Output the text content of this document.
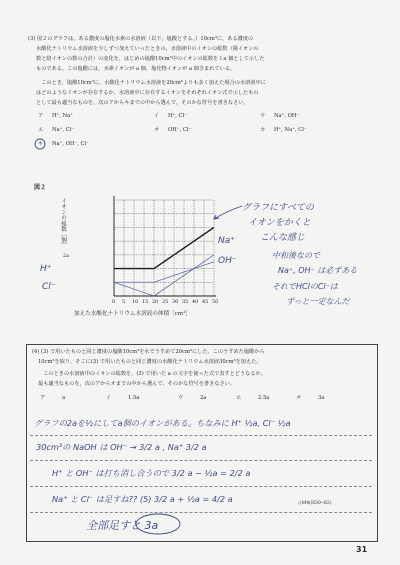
(3) 図２のグラフは，ある濃度の塩化水素の水溶液（以下，塩酸とする。）10cm³に，ある濃度の
水酸化ナトリウム水溶液を少しずつ加えていったときの，水溶液中のイオンの総数（陽イオンの
数と陰イオンの数の合計）の変化を，はじめの塩酸10cm³中のイオンの総数を１a 個として示した
ものである。この塩酸には，水素イオンが a 個，塩化物イオンが a 個含まれている。
　このとき，塩酸10cm³に，水酸化ナトリウム水溶液を20cm³よりも多く加えた場合の水溶液中に
はどのようなイオンが存在するか。水溶液中に存在するイオンをそれぞれイオン式で示したもの
として最も適当なものを，次のアからキまでの中から選んで，そのかな符号を書きなさい。
ア H⁺, Na⁺	イ H⁺, Cl⁻	ウ Na⁺, OH⁻
エ Na⁺, Cl⁻	オ OH⁻, Cl⁻	カ H⁺, Na⁺, Cl⁻
キ Na⁺, OH⁻, Cl⁻
図２
イオンの総数［個］
2a
0 5 10 15 20 25 30 35 40 45 50
加えた水酸化ナトリウム水溶液の体積［cm³］
グラフにすべての
イオンをかくと
こんな感じ
中和後なので
Na⁺, OH⁻ は必ずある
それでHClのCl⁻は
ずっと一定なんだ
Na⁺
OH⁻
H⁺
Cl⁻
(4) (3) で用いたものと同じ濃度の塩酸10cm³を水でうすめて20cm³にした。このうすめた塩酸から
10cm³を取り，そこに(3) で用いたものと同じ濃度の水酸化ナトリウム水溶液30cm³を加えた。
　このときの水溶液中のイオンの総数を，(3) で用いた a の文字を使った式で表すとどうなるか。
最も適当なものを，次のアからオまでの中から選んで，そのかな符号を書きなさい。
ア	a	イ	1.5a	ウ	2a	エ	2.5a	オ	3a
グラフの2aを½にしてa個のイオンがある。ちなみに H⁺ ½a, Cl⁻ ½a
30cm³の NaOH は OH⁻ → 3/2 a , Na⁺ 3/2 a
H⁺ と OH⁻ は打ち消し合うので 3/2 a − ½a = 2/2 a
Na⁺ と Cl⁻ は足すね?? (5) 3/2 a + ½a = 4/2 a	◇M4(H30--82)
全部足すと 3a
31
